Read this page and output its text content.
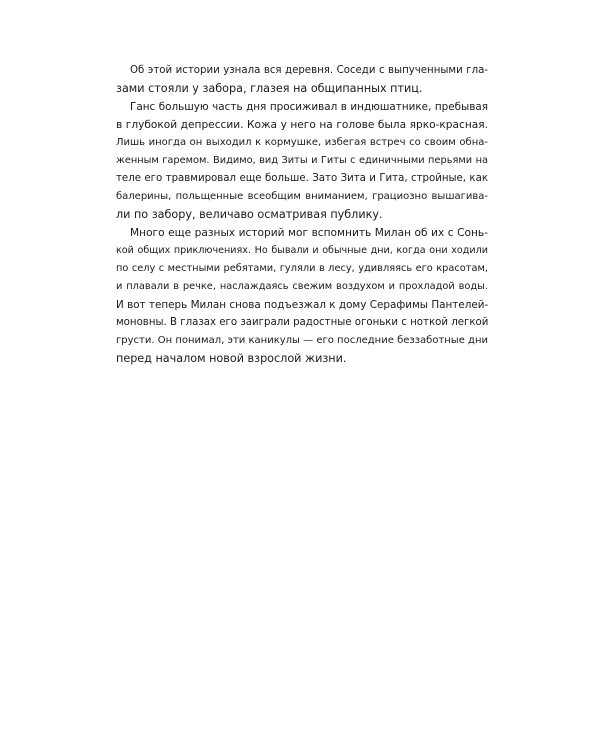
Об этой истории узнала вся деревня. Соседи с выпученными гла-
зами стояли у забора, глазея на общипанных птиц.

Ганс большую часть дня просиживал в индюшатнике, пребывая
в глубокой депрессии. Кожа у него на голове была ярко-красная.
Лишь иногда он выходил к кормушке, избегая встреч со своим обна-
женным гаремом. Видимо, вид Зиты и Гиты с единичными перьями на
теле его травмировал еще больше. Зато Зита и Гита, стройные, как
балерины, польщенные всеобщим вниманием, грациозно вышагива-
ли по забору, величаво осматривая публику.

Много еще разных историй мог вспомнить Милан об их с Сонь-
кой общих приключениях. Но бывали и обычные дни, когда они ходили
по селу с местными ребятами, гуляли в лесу, удивляясь его красотам,
и плавали в речке, наслаждаясь свежим воздухом и прохладой воды.
И вот теперь Милан снова подъезжал к дому Серафимы Пантелей-
моновны. В глазах его заиграли радостные огоньки с ноткой легкой
грусти. Он понимал, эти каникулы — его последние беззаботные дни
перед началом новой взрослой жизни.
